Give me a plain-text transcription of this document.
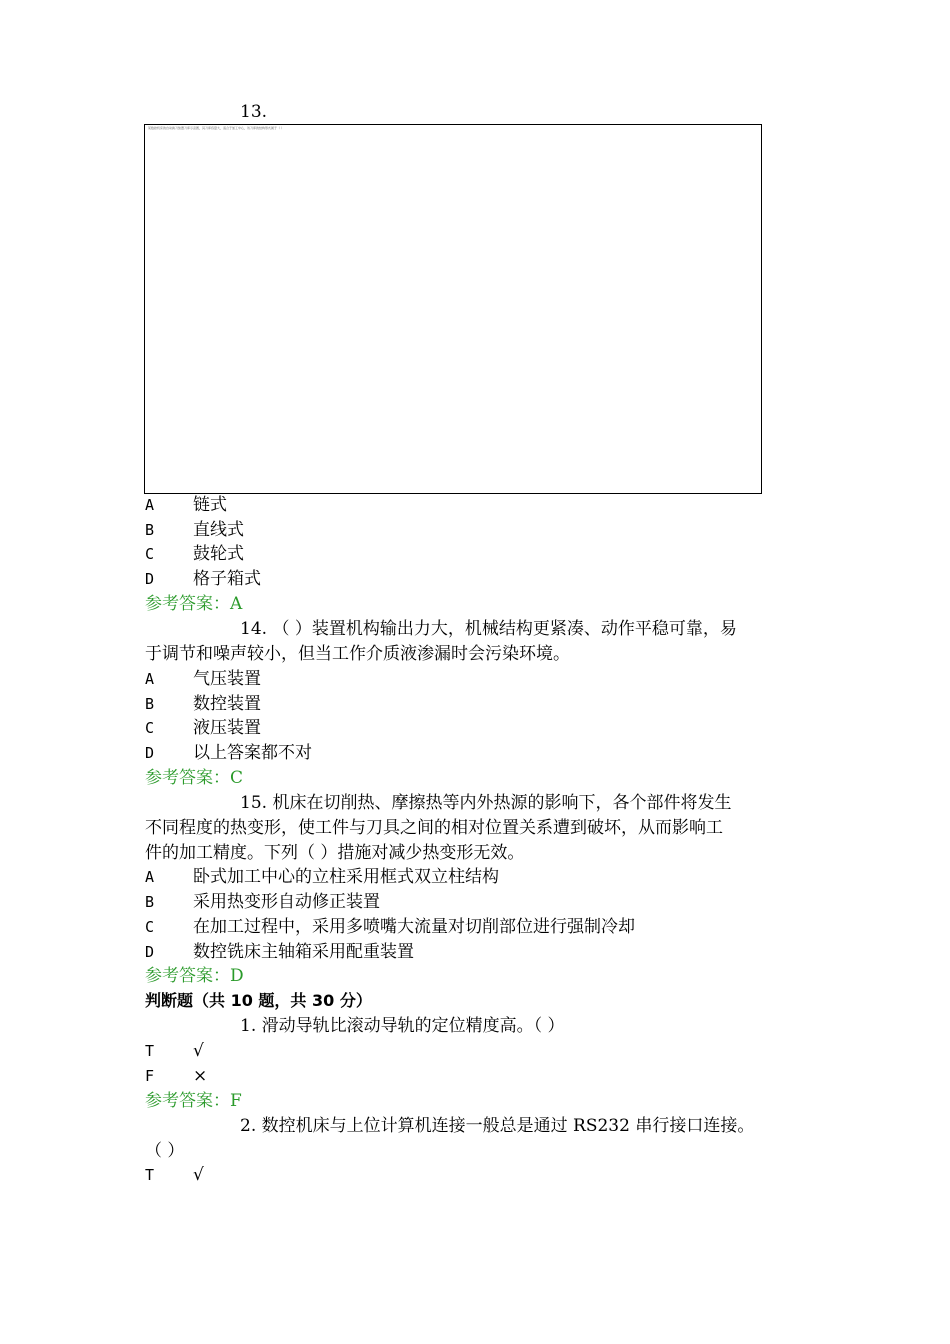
13.
某数控机床的自动换刀装置刀库示意图，其刀库容量大，适合于加工中心，该刀库的结构形式属于（ ）
A 链式
B 直线式
C 鼓轮式
D 格子箱式
参考答案：A
14. （ ）装置机构输出力大，机械结构更紧凑、动作平稳可靠，易
于调节和噪声较小，但当工作介质液渗漏时会污染环境。
A 气压装置
B 数控装置
C 液压装置
D 以上答案都不对
参考答案：C
15. 机床在切削热、摩擦热等内外热源的影响下，各个部件将发生
不同程度的热变形，使工件与刀具之间的相对位置关系遭到破坏，从而影响工
件的加工精度。下列（ ）措施对减少热变形无效。
A 卧式加工中心的立柱采用框式双立柱结构
B 采用热变形自动修正装置
C 在加工过程中，采用多喷嘴大流量对切削部位进行强制冷却
D 数控铣床主轴箱采用配重装置
参考答案：D
判断题（共 10 题，共 30 分）
1. 滑动导轨比滚动导轨的定位精度高。（ ）
T √
F ×
参考答案：F
2. 数控机床与上位计算机连接一般总是通过 RS232 串行接口连接。
（ ）
T √
